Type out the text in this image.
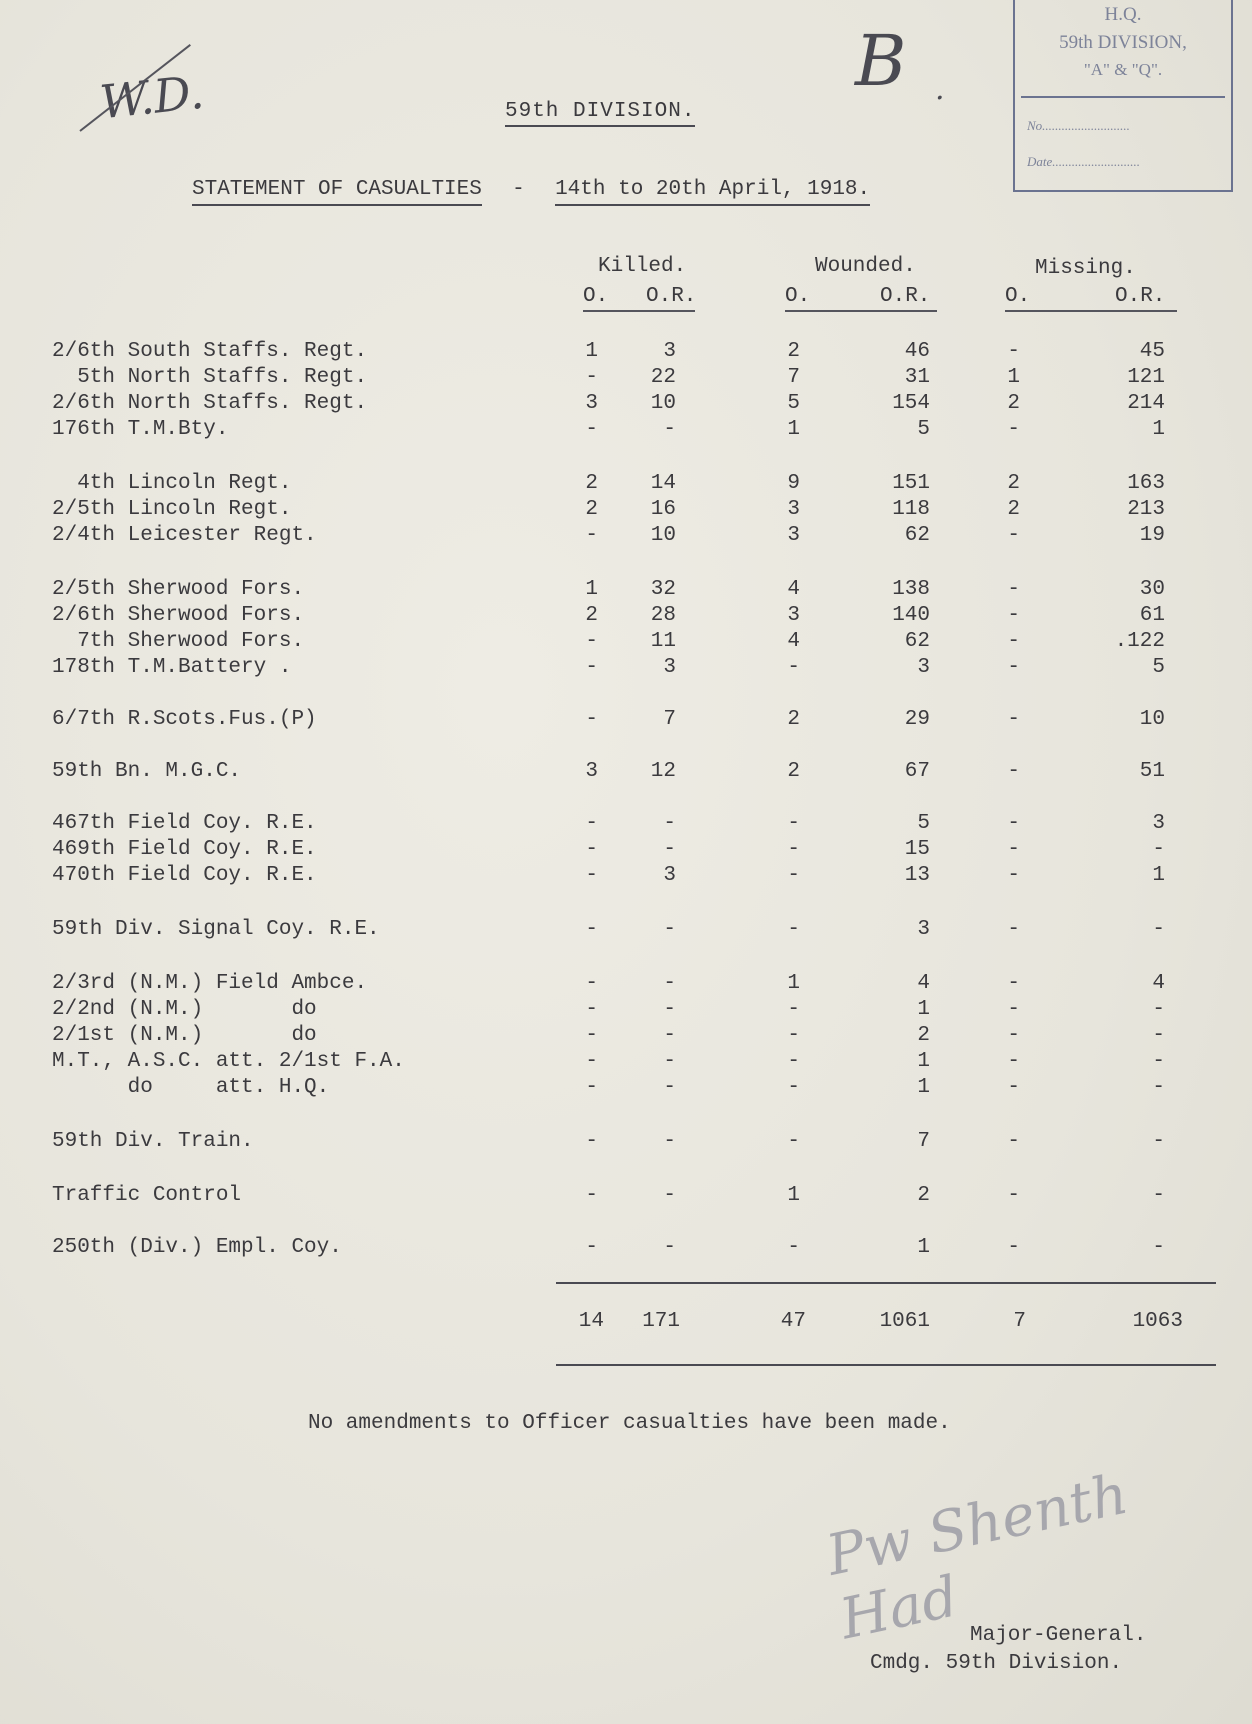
W.D.	B .
H.Q.
59th DIVISION,
"A" & "Q".
No...........................
Date...........................
59th DIVISION.
STATEMENT OF CASUALTIES - 14th to 20th April, 1918.
Killed.	Wounded.	Missing.
O. O.R.	O.	O.R.	O.	O.R.
2/6th South Staffs. Regt.	1	3	2	46	-	45
5th North Staffs. Regt.	-	22	7	31	1	121
2/6th North Staffs. Regt.	3	10	5	154	2	214
176th T.M.Bty.	-	-	1	5	-	1
4th Lincoln Regt.	2	14	9	151	2	163
2/5th Lincoln Regt.	2	16	3	118	2	213
2/4th Leicester Regt.	-	10	3	62	-	19
2/5th Sherwood Fors.	1	32	4	138	-	30
2/6th Sherwood Fors.	2	28	3	140	-	61
7th Sherwood Fors.	-	11	4	62	-	.122
178th T.M.Battery .	-	3	-	3	-	5
6/7th R.Scots.Fus.(P)	-	7	2	29	-	10
59th Bn. M.G.C.	3	12	2	67	-	51
467th Field Coy. R.E.	-	-	-	5	-	3
469th Field Coy. R.E.	-	-	-	15	-	-
470th Field Coy. R.E.	-	3	-	13	-	1
59th Div. Signal Coy. R.E.	-	-	-	3	-	-
2/3rd (N.M.) Field Ambce.	-	-	1	4	-	4
2/2nd (N.M.)       do	-	-	-	1	-	-
2/1st (N.M.)       do	-	-	-	2	-	-
M.T., A.S.C. att. 2/1st F.A.	-	-	-	1	-	-
do     att. H.Q.	-	-	-	1	-	-
59th Div. Train.	-	-	-	7	-	-
Traffic Control	-	-	1	2	-	-
250th (Div.) Empl. Coy.	-	-	-	1	-	-
14	171	47	1061	7	1063
No amendments to Officer casualties have been made.
Pw Shenth Had Major-General.
Cmdg. 59th Division.
